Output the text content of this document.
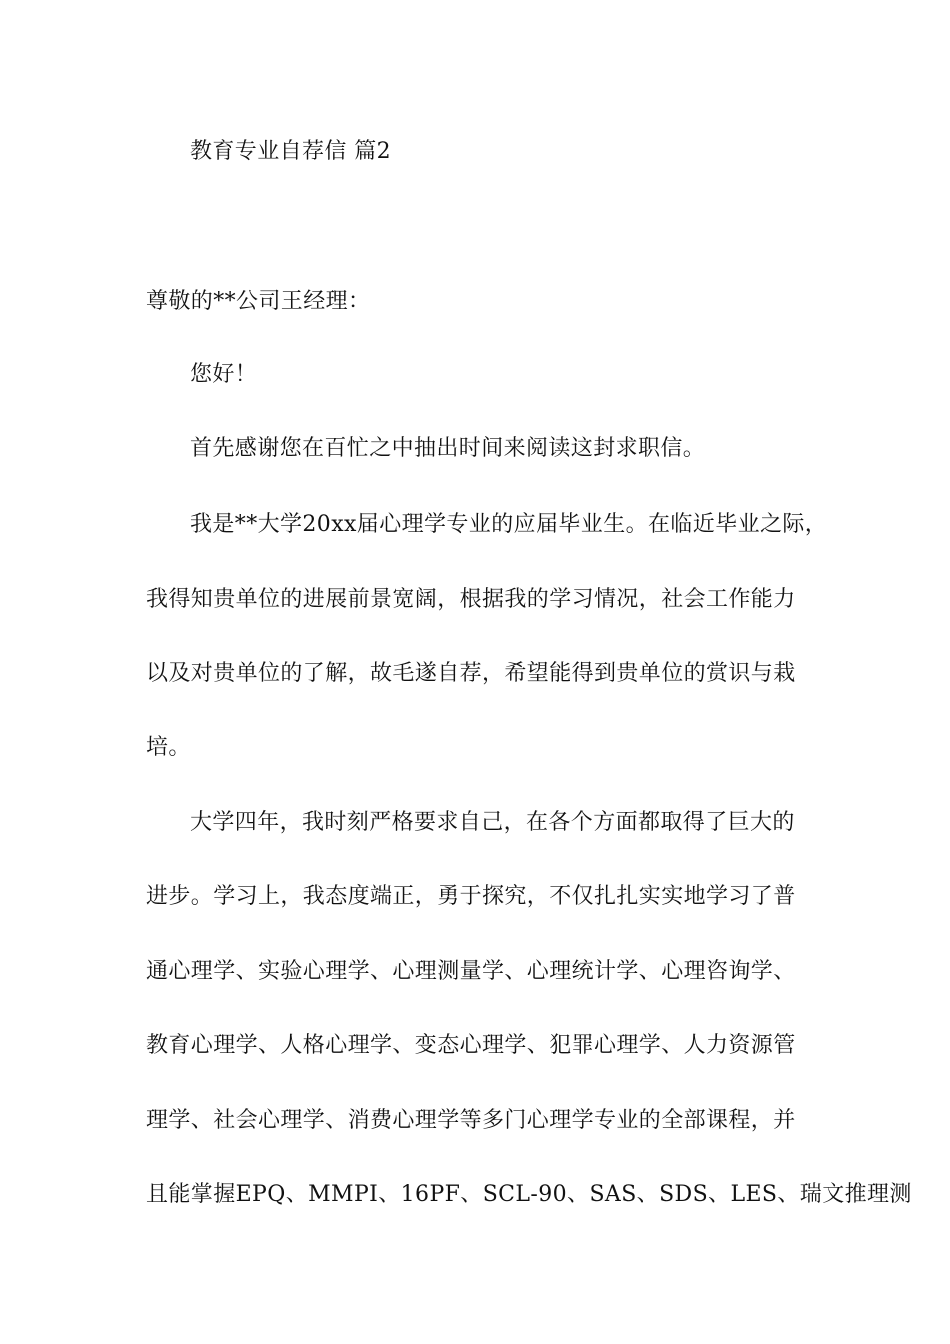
教育专业自荐信 篇2
尊敬的**公司王经理：
您好！
首先感谢您在百忙之中抽出时间来阅读这封求职信。
我是**大学20xx届心理学专业的应届毕业生。在临近毕业之际，
我得知贵单位的进展前景宽阔，根据我的学习情况，社会工作能力
以及对贵单位的了解，故毛遂自荐，希望能得到贵单位的赏识与栽
培。
大学四年，我时刻严格要求自己，在各个方面都取得了巨大的
进步。学习上，我态度端正，勇于探究，不仅扎扎实实地学习了普
通心理学、实验心理学、心理测量学、心理统计学、心理咨询学、
教育心理学、人格心理学、变态心理学、犯罪心理学、人力资源管
理学、社会心理学、消费心理学等多门心理学专业的全部课程，并
且能掌握EPQ、MMPI、16PF、SCL-90、SAS、SDS、LES、瑞文推理测
